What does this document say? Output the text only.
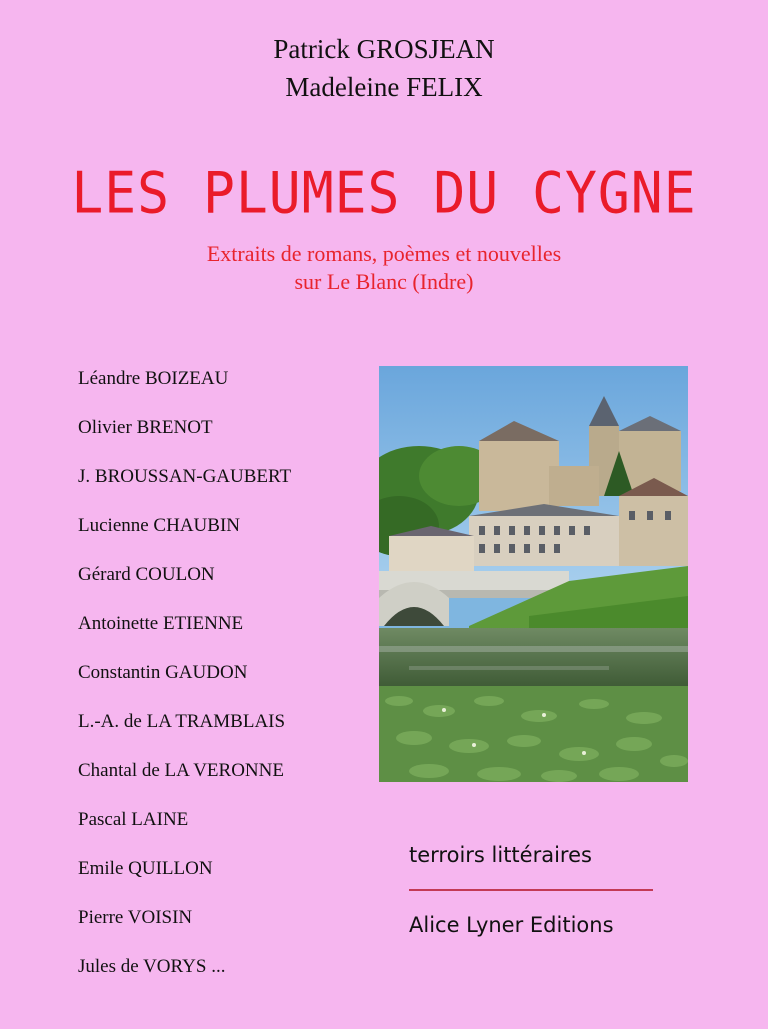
Patrick GROSJEAN
Madeleine FELIX
LES PLUMES DU CYGNE
Extraits de romans, poèmes et nouvelles
sur Le Blanc (Indre)
Léandre BOIZEAU
Olivier BRENOT
J. BROUSSAN-GAUBERT
Lucienne CHAUBIN
Gérard COULON
Antoinette ETIENNE
Constantin GAUDON
L.-A. de LA TRAMBLAIS
Chantal de LA VERONNE
Pascal LAINE
Emile QUILLON
Pierre VOISIN
Jules de VORYS ...
terroirs littéraires
Alice Lyner Editions
